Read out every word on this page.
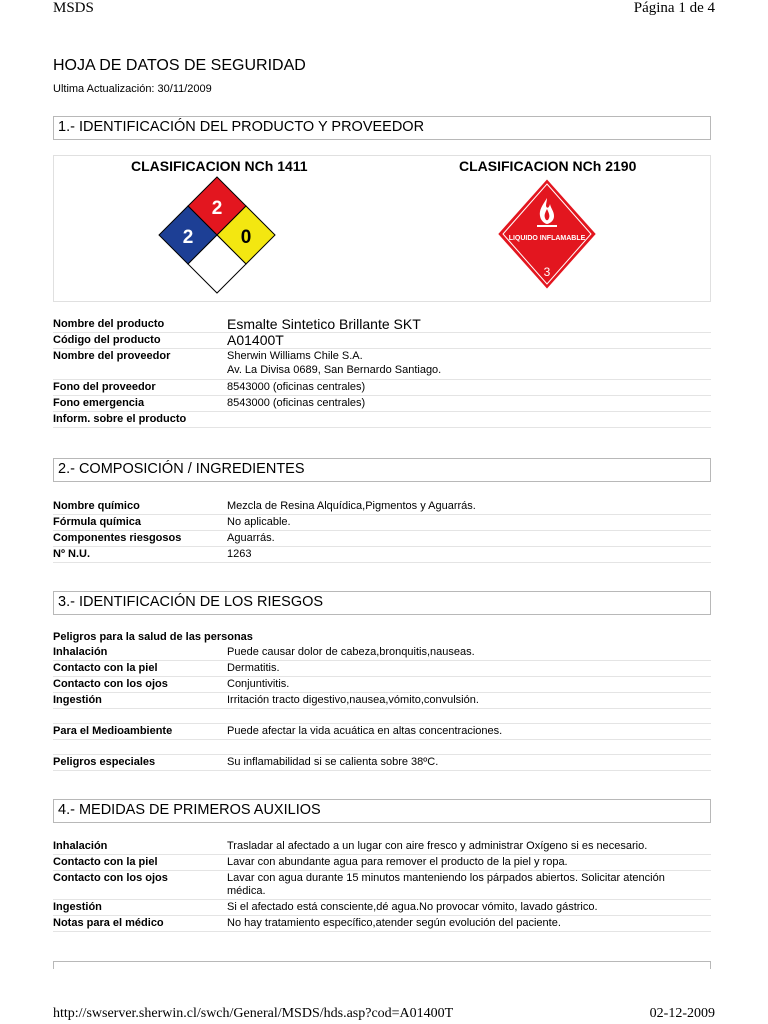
MSDS	Página 1 de 4
HOJA DE DATOS DE SEGURIDAD
Ultima Actualización: 30/11/2009
1.- IDENTIFICACIÓN DEL PRODUCTO Y PROVEEDOR
CLASIFICACION NCh 1411	CLASIFICACION NCh 2190
2
2 0	LIQUIDO INFLAMABLE
3
Nombre del producto	Esmalte Sintetico Brillante SKT
Código del producto	A01400T
Nombre del proveedor	Sherwin Williams Chile S.A.
Av. La Divisa 0689, San Bernardo Santiago.
Fono del proveedor	8543000 (oficinas centrales)
Fono emergencia	8543000 (oficinas centrales)
Inform. sobre el producto
2.- COMPOSICIÓN / INGREDIENTES
Nombre químico	Mezcla de Resina Alquídica,Pigmentos y Aguarrás.
Fórmula química	No aplicable.
Componentes riesgosos	Aguarrás.
Nº N.U.	1263
3.- IDENTIFICACIÓN DE LOS RIESGOS
Peligros para la salud de las personas
Inhalación	Puede causar dolor de cabeza,bronquitis,nauseas.
Contacto con la piel	Dermatitis.
Contacto con los ojos	Conjuntivitis.
Ingestión	Irritación tracto digestivo,nausea,vómito,convulsión.
Para el Medioambiente	Puede afectar la vida acuática en altas concentraciones.
Peligros especiales	Su inflamabilidad si se calienta sobre 38ºC.
4.- MEDIDAS DE PRIMEROS AUXILIOS
Inhalación	Trasladar al afectado a un lugar con aire fresco y administrar Oxígeno si es necesario.
Contacto con la piel	Lavar con abundante agua para remover el producto de la piel y ropa.
Contacto con los ojos	Lavar con agua durante 15 minutos manteniendo los párpados abiertos. Solicitar atención
médica.
Ingestión	Si el afectado está consciente,dé agua.No provocar vómito, lavado gástrico.
Notas para el médico	No hay tratamiento específico,atender según evolución del paciente.
http://swserver.sherwin.cl/swch/General/MSDS/hds.asp?cod=A01400T	02-12-2009
